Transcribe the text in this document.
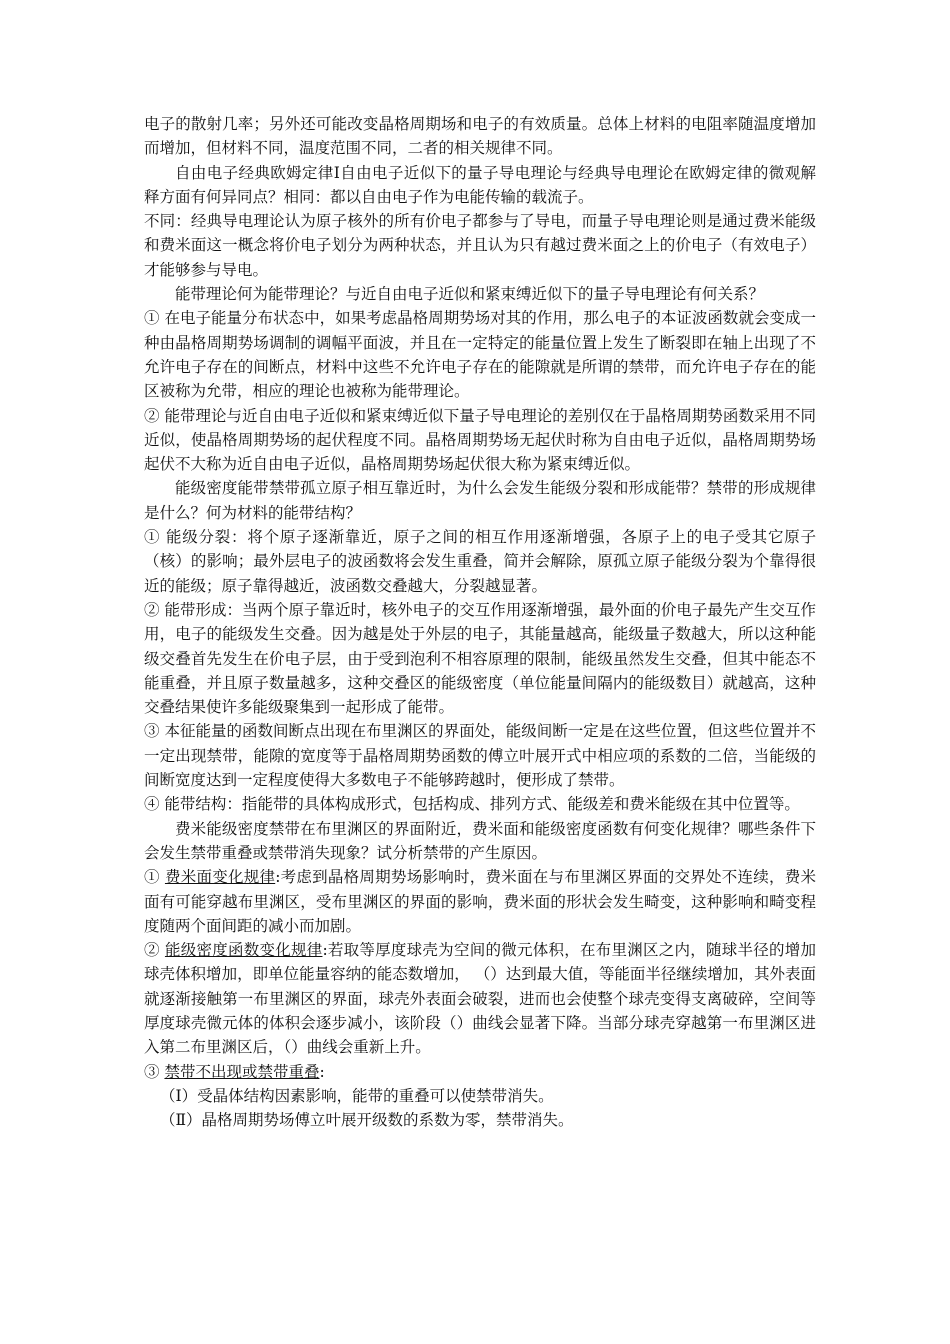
电子的散射几率；另外还可能改变晶格周期场和电子的有效质量。总体上材料的电阻率随温度增加而增加，但材料不同，温度范围不同，二者的相关规律不同。

自由电子经典欧姆定律Ⅰ自由电子近似下的量子导电理论与经典导电理论在欧姆定律的微观解释方面有何异同点？相同：都以自由电子作为电能传输的载流子。

不同：经典导电理论认为原子核外的所有价电子都参与了导电，而量子导电理论则是通过费米能级和费米面这一概念将价电子划分为两种状态，并且认为只有越过费米面之上的价电子（有效电子）才能够参与导电。

能带理论何为能带理论？与近自由电子近似和紧束缚近似下的量子导电理论有何关系？

① 在电子能量分布状态中，如果考虑晶格周期势场对其的作用，那么电子的本证波函数就会变成一种由晶格周期势场调制的调幅平面波，并且在一定特定的能量位置上发生了断裂即在轴上出现了不允许电子存在的间断点，材料中这些不允许电子存在的能隙就是所谓的禁带，而允许电子存在的能区被称为允带，相应的理论也被称为能带理论。

② 能带理论与近自由电子近似和紧束缚近似下量子导电理论的差别仅在于晶格周期势函数采用不同近似，使晶格周期势场的起伏程度不同。晶格周期势场无起伏时称为自由电子近似，晶格周期势场起伏不大称为近自由电子近似，晶格周期势场起伏很大称为紧束缚近似。

能级密度能带禁带孤立原子相互靠近时，为什么会发生能级分裂和形成能带？禁带的形成规律是什么？何为材料的能带结构？

① 能级分裂：将个原子逐渐靠近，原子之间的相互作用逐渐增强，各原子上的电子受其它原子（核）的影响；最外层电子的波函数将会发生重叠，简并会解除，原孤立原子能级分裂为个靠得很近的能级；原子靠得越近，波函数交叠越大，分裂越显著。

② 能带形成：当两个原子靠近时，核外电子的交互作用逐渐增强，最外面的价电子最先产生交互作用，电子的能级发生交叠。因为越是处于外层的电子，其能量越高，能级量子数越大，所以这种能级交叠首先发生在价电子层，由于受到泡利不相容原理的限制，能级虽然发生交叠，但其中能态不能重叠，并且原子数量越多，这种交叠区的能级密度（单位能量间隔内的能级数目）就越高，这种交叠结果使许多能级聚集到一起形成了能带。

③ 本征能量的函数间断点出现在布里渊区的界面处，能级间断一定是在这些位置，但这些位置并不一定出现禁带，能隙的宽度等于晶格周期势函数的傅立叶展开式中相应项的系数的二倍，当能级的间断宽度达到一定程度使得大多数电子不能够跨越时，便形成了禁带。

④ 能带结构：指能带的具体构成形式，包括构成、排列方式、能级差和费米能级在其中位置等。

费米能级密度禁带在布里渊区的界面附近，费米面和能级密度函数有何变化规律？哪些条件下会发生禁带重叠或禁带消失现象？试分析禁带的产生原因。

① 费米面变化规律:考虑到晶格周期势场影响时，费米面在与布里渊区界面的交界处不连续，费米面有可能穿越布里渊区，受布里渊区的界面的影响，费米面的形状会发生畸变，这种影响和畸变程度随两个面间距的减小而加剧。

② 能级密度函数变化规律:若取等厚度球壳为空间的微元体积，在布里渊区之内，随球半径的增加球壳体积增加，即单位能量容纳的能态数增加， （）达到最大值，等能面半径继续增加，其外表面就逐渐接触第一布里渊区的界面，球壳外表面会破裂，进而也会使整个球壳变得支离破碎，空间等厚度球壳微元体的体积会逐步减小，该阶段（）曲线会显著下降。当部分球壳穿越第一布里渊区进入第二布里渊区后，（）曲线会重新上升。

③ 禁带不出现或禁带重叠:

（Ⅰ）受晶体结构因素影响，能带的重叠可以使禁带消失。

（Ⅱ）晶格周期势场傅立叶展开级数的系数为零，禁带消失。
